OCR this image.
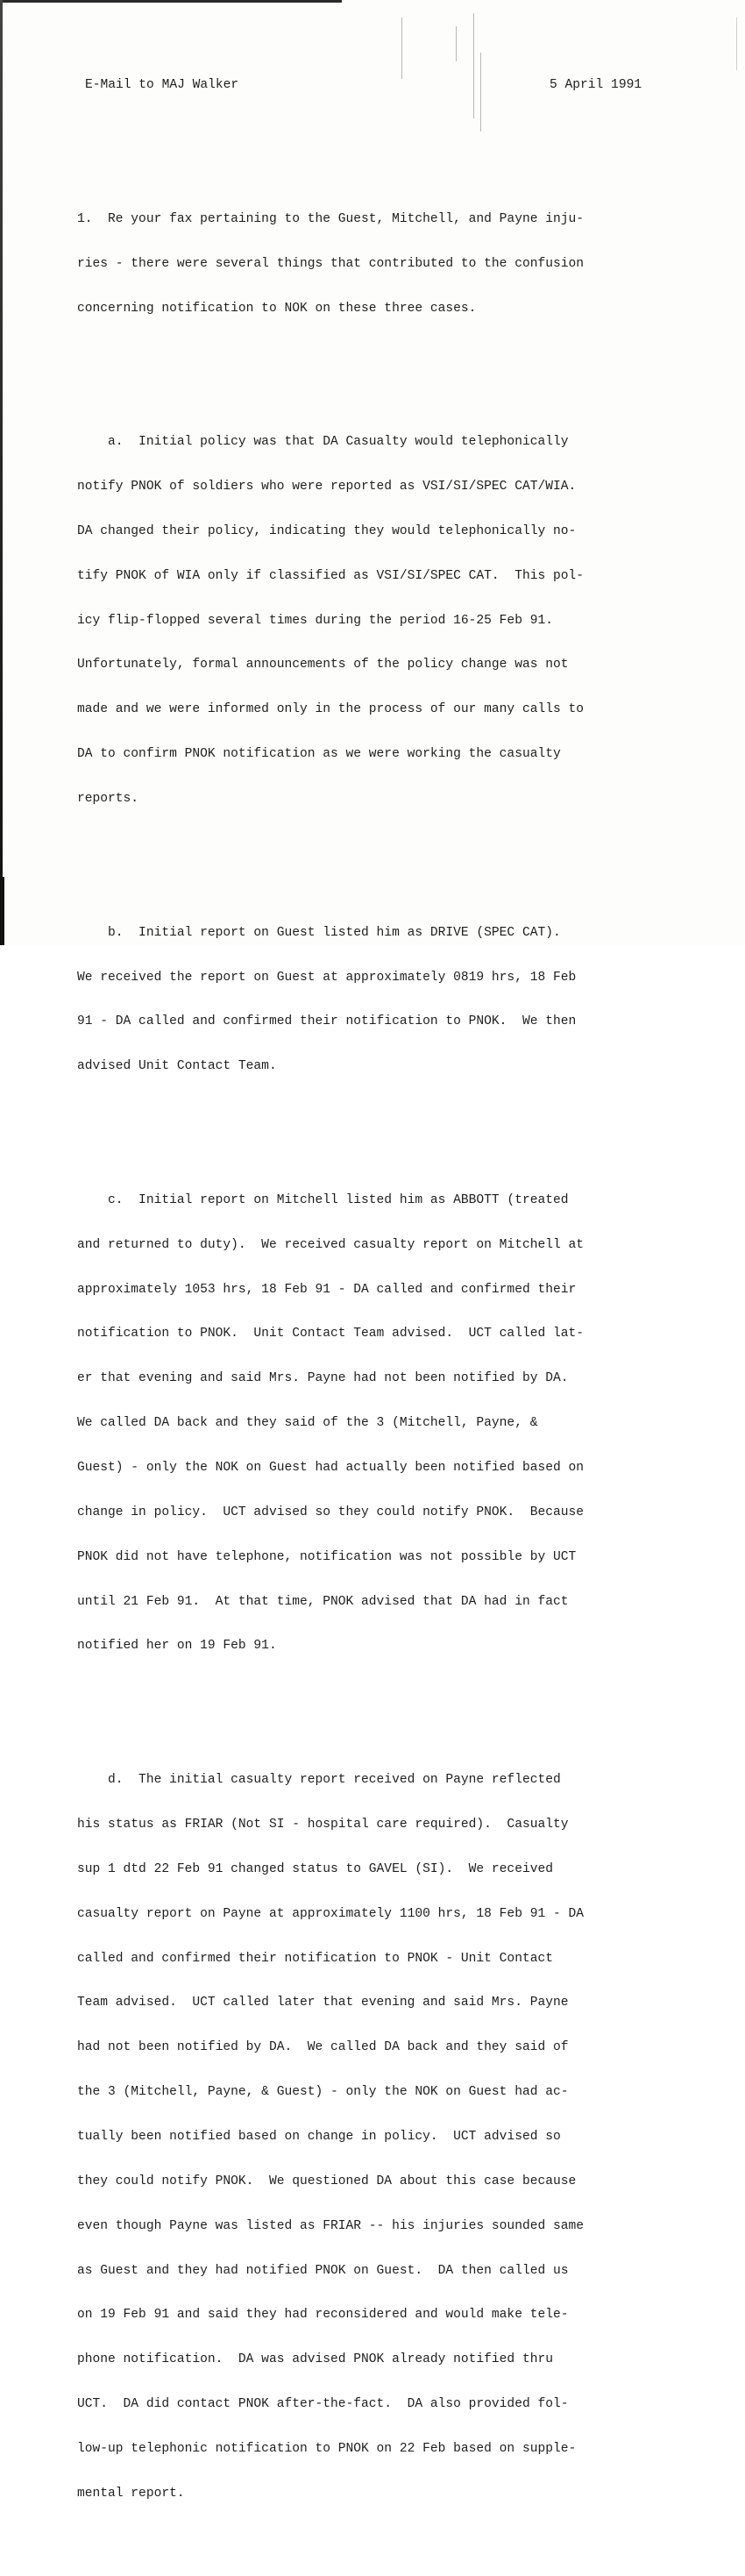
E-Mail to MAJ Walker	5 April 1991

1.  Re your fax pertaining to the Guest, Mitchell, and Payne inju-

ries - there were several things that contributed to the confusion

concerning notification to NOK on these three cases.

a.  Initial policy was that DA Casualty would telephonically

notify PNOK of soldiers who were reported as VSI/SI/SPEC CAT/WIA.

DA changed their policy, indicating they would telephonically no-

tify PNOK of WIA only if classified as VSI/SI/SPEC CAT.  This pol-

icy flip-flopped several times during the period 16-25 Feb 91.

Unfortunately, formal announcements of the policy change was not

made and we were informed only in the process of our many calls to

DA to confirm PNOK notification as we were working the casualty

reports.

b.  Initial report on Guest listed him as DRIVE (SPEC CAT).

We received the report on Guest at approximately 0819 hrs, 18 Feb

91 - DA called and confirmed their notification to PNOK.  We then

advised Unit Contact Team.

c.  Initial report on Mitchell listed him as ABBOTT (treated

and returned to duty).  We received casualty report on Mitchell at

approximately 1053 hrs, 18 Feb 91 - DA called and confirmed their

notification to PNOK.  Unit Contact Team advised.  UCT called lat-

er that evening and said Mrs. Payne had not been notified by DA.

We called DA back and they said of the 3 (Mitchell, Payne, &

Guest) - only the NOK on Guest had actually been notified based on

change in policy.  UCT advised so they could notify PNOK.  Because

PNOK did not have telephone, notification was not possible by UCT

until 21 Feb 91.  At that time, PNOK advised that DA had in fact

notified her on 19 Feb 91.

d.  The initial casualty report received on Payne reflected

his status as FRIAR (Not SI - hospital care required).  Casualty

sup 1 dtd 22 Feb 91 changed status to GAVEL (SI).  We received

casualty report on Payne at approximately 1100 hrs, 18 Feb 91 - DA

called and confirmed their notification to PNOK - Unit Contact

Team advised.  UCT called later that evening and said Mrs. Payne

had not been notified by DA.  We called DA back and they said of

the 3 (Mitchell, Payne, & Guest) - only the NOK on Guest had ac-

tually been notified based on change in policy.  UCT advised so

they could notify PNOK.  We questioned DA about this case because

even though Payne was listed as FRIAR -- his injuries sounded same

as Guest and they had notified PNOK on Guest.  DA then called us

on 19 Feb 91 and said they had reconsidered and would make tele-

phone notification.  DA was advised PNOK already notified thru

UCT.  DA did contact PNOK after-the-fact.  DA also provided fol-

low-up telephonic notification to PNOK on 22 Feb based on supple-

mental report.
